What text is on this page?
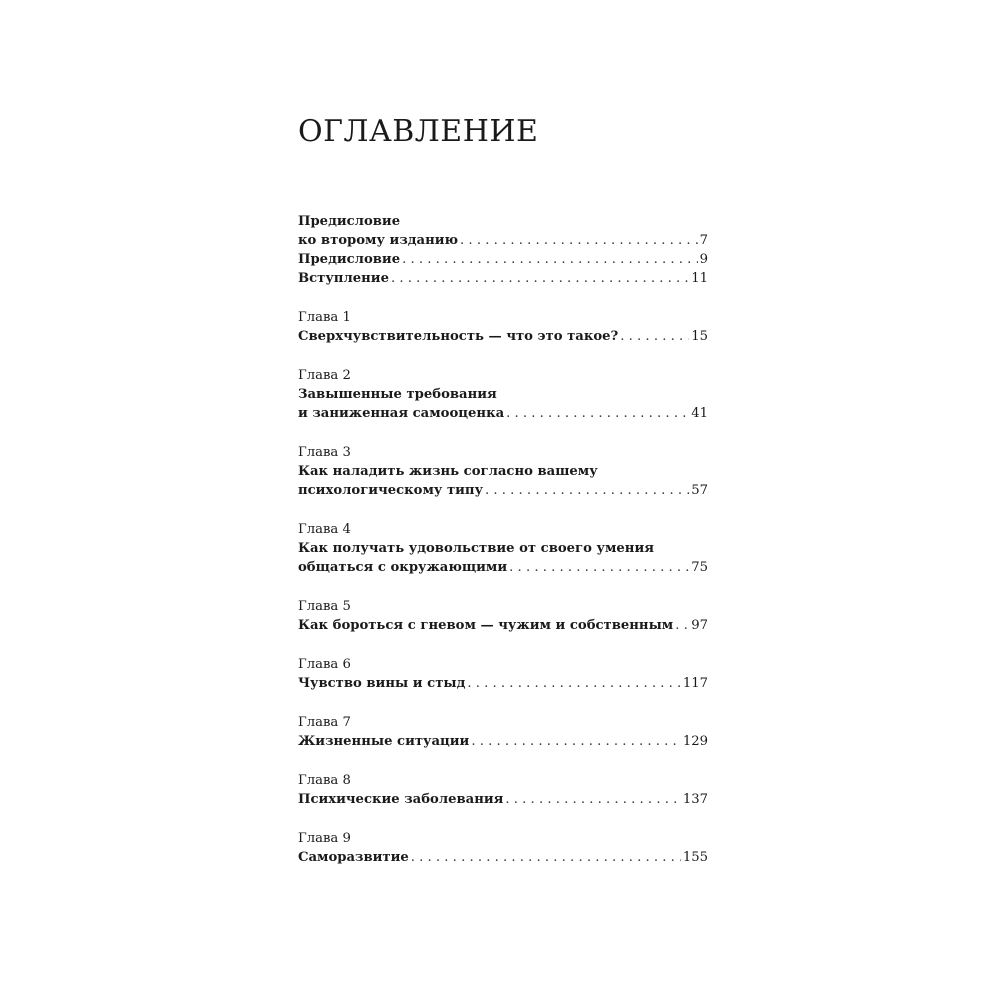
ОГЛАВЛЕНИЕ
Предисловие
ко второму изданию . . .	7
Предисловие . . .	9
Вступление . . .	11
Глава 1
Сверхчувствительность — что это такое? . . .	15
Глава 2
Завышенные требования
и заниженная самооценка . . .	41
Глава 3
Как наладить жизнь согласно вашему
психологическому типу . . .	57
Глава 4
Как получать удовольствие от своего умения
общаться с окружающими . . .	75
Глава 5
Как бороться с гневом — чужим и собственным . . . 97
Глава 6
Чувство вины и стыд . . .	117
Глава 7
Жизненные ситуации . . .	129
Глава 8
Психические заболевания . . .	137
Глава 9
Саморазвитие . . .	155
